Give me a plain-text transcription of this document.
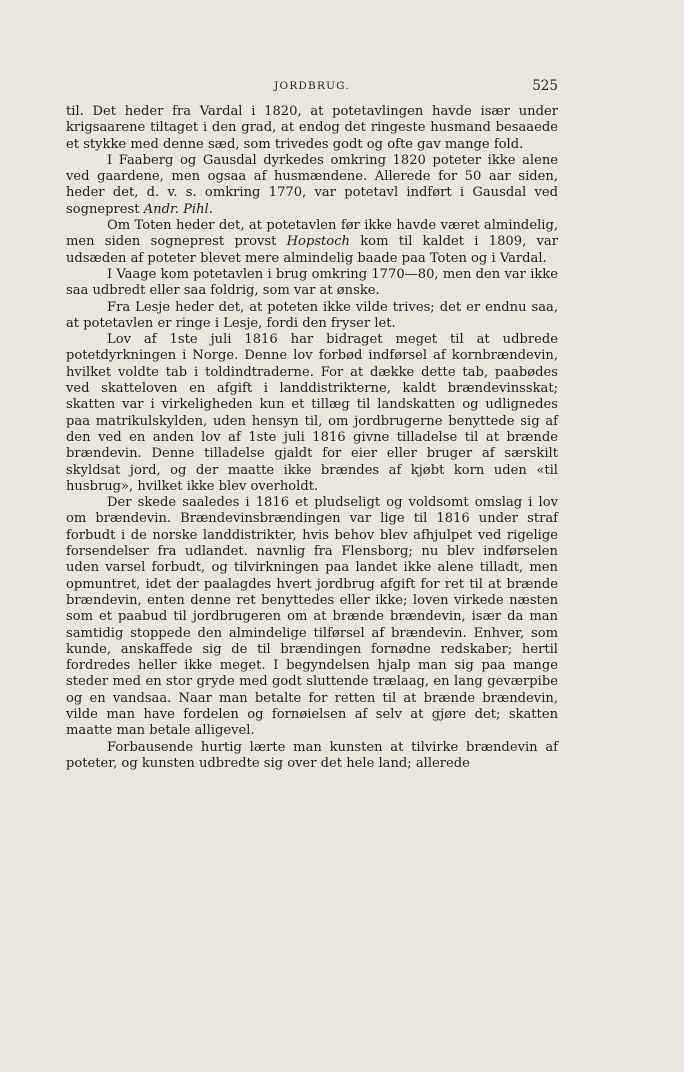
JORDBRUG.	525

til. Det heder fra Vardal i 1820, at potetavlingen havde især under krigsaarene tiltaget i den grad, at endog det ringeste husmand besaaede et stykke med denne sæd, som trivedes godt og ofte gav mange fold.

I Faaberg og Gausdal dyrkedes omkring 1820 poteter ikke alene ved gaardene, men ogsaa af husmændene. Allerede for 50 aar siden, heder det, d. v. s. omkring 1770, var potetavl indført i Gausdal ved sogneprest Andr. Pihl.

Om Toten heder det, at potetavlen før ikke havde været almindelig, men siden sogneprest provst Hopstoch kom til kaldet i 1809, var udsæden af poteter blevet mere almindelig baade paa Toten og i Vardal.

I Vaage kom potetavlen i brug omkring 1770—80, men den var ikke saa udbredt eller saa foldrig, som var at ønske.

Fra Lesje heder det, at poteten ikke vilde trives; det er endnu saa, at potetavlen er ringe i Lesje, fordi den fryser let.

Lov af 1ste juli 1816 har bidraget meget til at udbrede potetdyrkningen i Norge. Denne lov forbød indførsel af kornbrændevin, hvilket voldte tab i toldindtraderne. For at dække dette tab, paabødes ved skatteloven en afgift i landdistrikterne, kaldt brændevinsskat; skatten var i virkeligheden kun et tillæg til landskatten og udlignedes paa matrikulskylden, uden hensyn til, om jordbrugerne benyttede sig af den ved en anden lov af 1ste juli 1816 givne tilladelse til at brænde brændevin. Denne tilladelse gjaldt for eier eller bruger af særskilt skyldsat jord, og der maatte ikke brændes af kjøbt korn uden «til husbrug», hvilket ikke blev overholdt.

Der skede saaledes i 1816 et pludseligt og voldsomt omslag i lov om brændevin. Brændevinsbrændingen var lige til 1816 under straf forbudt i de norske landdistrikter, hvis behov blev afhjulpet ved rigelige forsendelser fra udlandet. navnlig fra Flensborg; nu blev indførselen uden varsel forbudt, og tilvirkningen paa landet ikke alene tilladt, men opmuntret, idet der paalagdes hvert jordbrug afgift for ret til at brænde brændevin, enten denne ret benyttedes eller ikke; loven virkede næsten som et paabud til jordbrugeren om at brænde brændevin, især da man samtidig stoppede den almindelige tilførsel af brændevin. Enhver, som kunde, anskaffede sig de til brændingen fornødne redskaber; hertil fordredes heller ikke meget. I begyndelsen hjalp man sig paa mange steder med en stor gryde med godt sluttende trælaag, en lang geværpibe og en vandsaa. Naar man betalte for retten til at brænde brændevin, vilde man have fordelen og fornøielsen af selv at gjøre det; skatten maatte man betale alligevel.

Forbausende hurtig lærte man kunsten at tilvirke brændevin af poteter, og kunsten udbredte sig over det hele land; allerede
